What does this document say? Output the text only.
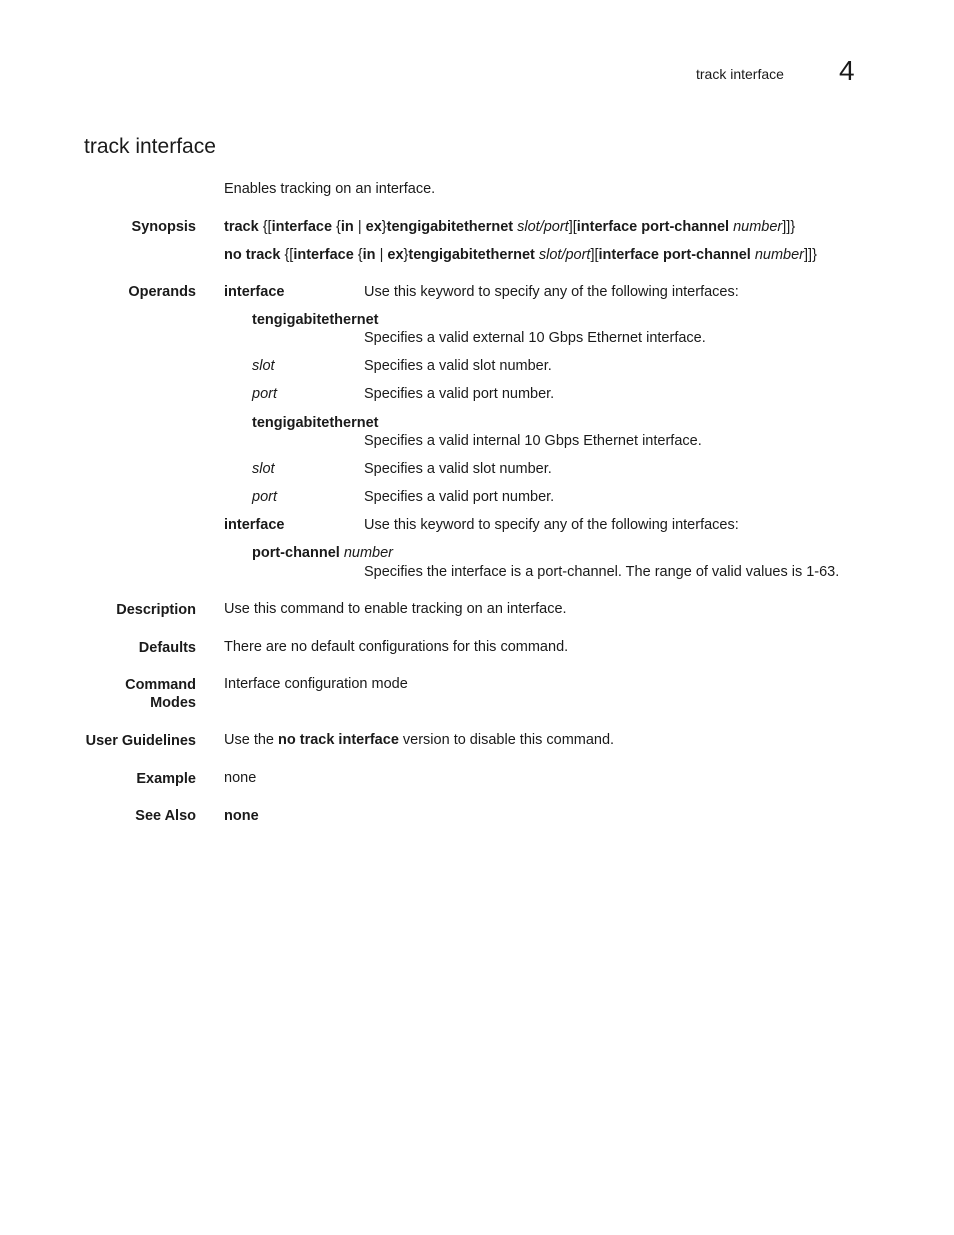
track interface 4
track interface
Enables tracking on an interface.
Synopsis track {[interface {in | ex}tengigabitethernet slot/port][interface port-channel number]]}
no track {[interface {in | ex}tengigabitethernet slot/port][interface port-channel number]]}
Operands interface	Use this keyword to specify any of the following interfaces:
tengigabitethernet
Specifies a valid external 10 Gbps Ethernet interface.
slot	Specifies a valid slot number.
port	Specifies a valid port number.
tengigabitethernet
Specifies a valid internal 10 Gbps Ethernet interface.
slot	Specifies a valid slot number.
port	Specifies a valid port number.
interface	Use this keyword to specify any of the following interfaces:
port-channel number
Specifies the interface is a port-channel. The range of valid values is 1-63.
Description Use this command to enable tracking on an interface.
Defaults There are no default configurations for this command.
Command
Modes
Interface configuration mode
User Guidelines Use the no track interface version to disable this command.
Example none
See Also none
